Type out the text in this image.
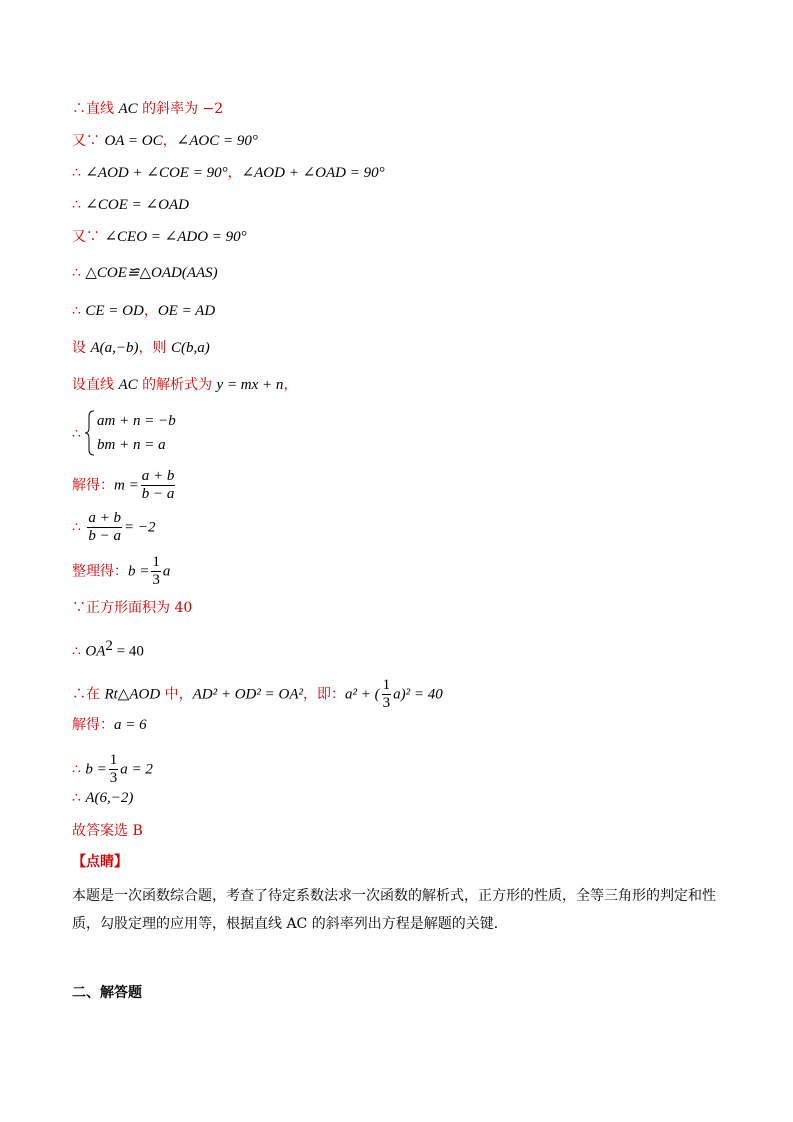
∴直线 AC 的斜率为 −2
又∵ OA = OC，∠AOC = 90°
∴ ∠AOD + ∠COE = 90°，∠AOD + ∠OAD = 90°
∴ ∠COE = ∠OAD
又∵ ∠CEO = ∠ADO = 90°
∴ △COE≌△OAD(AAS)
∴ CE = OD，OE = AD
设 A(a,−b)，则 C(b,a)
设直线 AC 的解析式为 y = mx + n，
∴
am + n = −b
bm + n = a
解得：$m = \frac{a + b}{b - a}$
∴ $\frac{a + b}{b - a} = -2$
整理得：$b = \frac{1}{3}$ a
∵正方形面积为 40
∴ $OA^2 = 40$
∴在 Rt△AOD 中，AD² + OD² = OA²，即：a² + ( $\frac{1}{3} a)^2 = 40$
解得：a = 6
∴ $b = \frac{1}{3}$ a = 2
∴ A(6,−2)
故答案选 B
【点睛】
本题是一次函数综合题，考查了待定系数法求一次函数的解析式，正方形的性质，全等三角形的判定和性质，勾股定理的应用等，根据直线 AC 的斜率列出方程是解题的关键．
二、解答题
